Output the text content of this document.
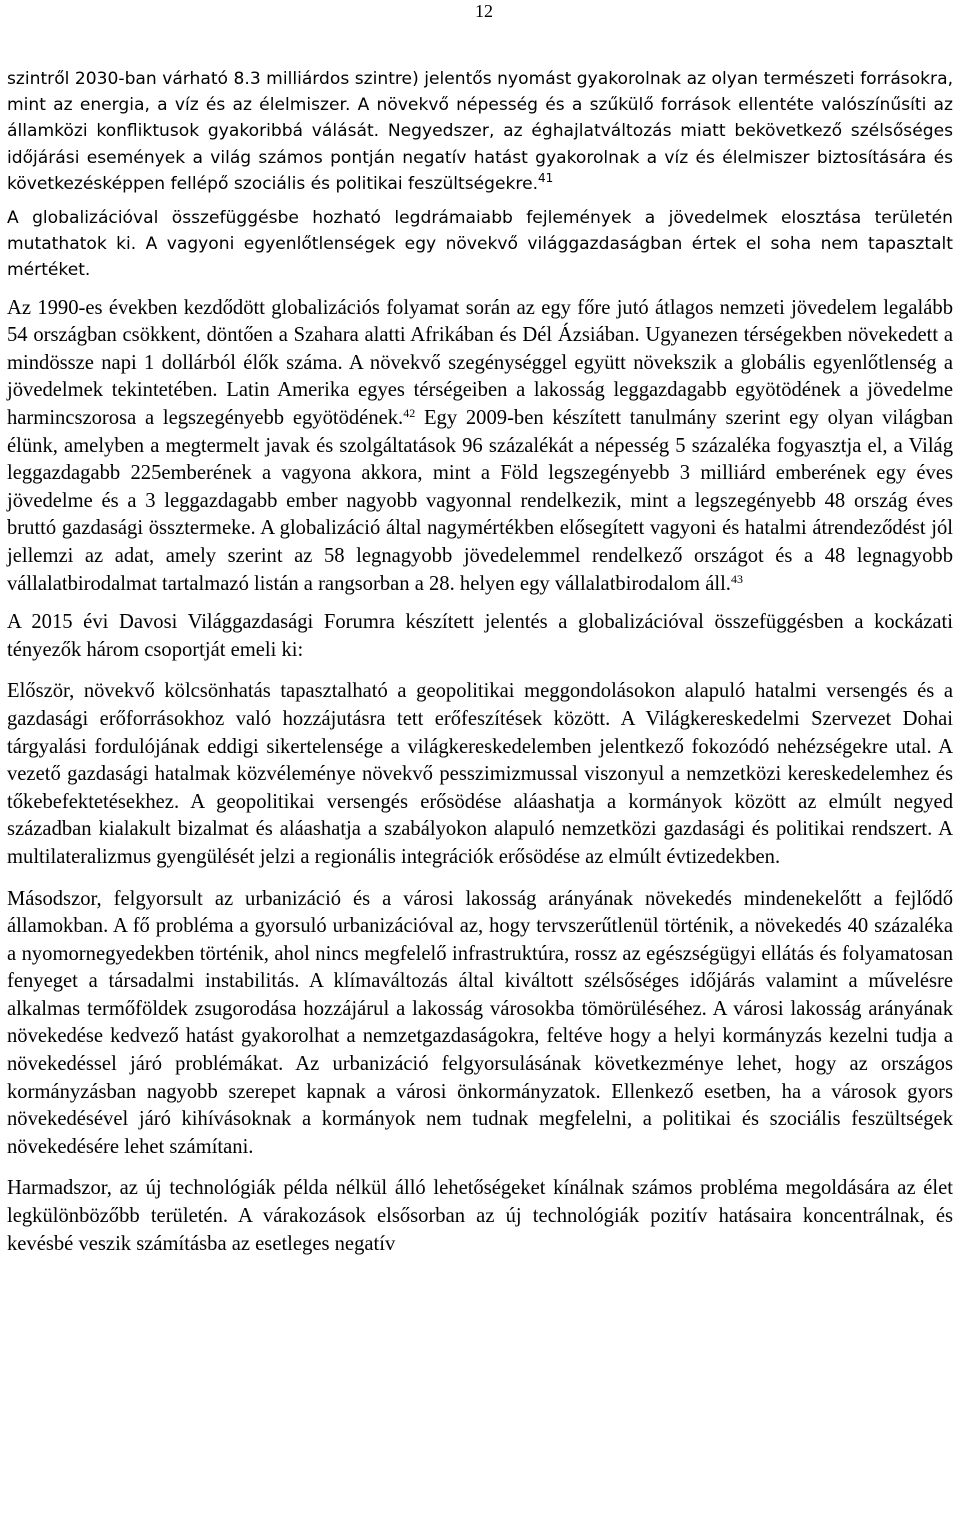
12

szintről 2030-ban várható 8.3 milliárdos szintre) jelentős nyomást gyakorolnak az olyan természeti forrásokra, mint az energia, a víz és az élelmiszer. A növekvő népesség és a szűkülő források ellentéte valószínűsíti az államközi konfliktusok gyakoribbá válását. Negyedszer, az éghajlatváltozás miatt bekövetkező szélsőséges időjárási események a világ számos pontján negatív hatást gyakorolnak a víz és élelmiszer biztosítására és következésképpen fellépő szociális és politikai feszültségekre.$^{41}$

A globalizációval összefüggésbe hozható legdrámaiabb fejlemények a jövedelmek elosztása területén mutathatok ki. A vagyoni egyenlőtlenségek egy növekvő világgazdaságban értek el soha nem tapasztalt mértéket.

Az 1990-es években kezdődött globalizációs folyamat során az egy főre jutó átlagos nemzeti jövedelem legalább 54 országban csökkent, döntően a Szahara alatti Afrikában és Dél Ázsiában. Ugyanezen térségekben növekedett a mindössze napi 1 dollárból élők száma. A növekvő szegénységgel együtt növekszik a globális egyenlőtlenség a jövedelmek tekintetében. Latin Amerika egyes térségeiben a lakosság leggazdagabb egyötödének a jövedelme harmincszorosa a legszegényebb egyötödének.$^{42}$ Egy 2009-ben készített tanulmány szerint egy olyan világban élünk, amelyben a megtermelt javak és szolgáltatások 96 százalékát a népesség 5 százaléka fogyasztja el, a Világ leggazdagabb 225emberének a vagyona akkora, mint a Föld legszegényebb 3 milliárd emberének egy éves jövedelme és a 3 leggazdagabb ember nagyobb vagyonnal rendelkezik, mint a legszegényebb 48 ország éves bruttó gazdasági össztermeke. A globalizáció által nagymértékben elősegített vagyoni és hatalmi átrendeződést jól jellemzi az adat, amely szerint az 58 legnagyobb jövedelemmel rendelkező országot és a 48 legnagyobb vállalatbirodalmat tartalmazó listán a rangsorban a 28. helyen egy vállalatbirodalom áll.$^{43}$

A 2015 évi Davosi Világgazdasági Forumra készített jelentés a globalizációval összefüggésben a kockázati tényezők három csoportját emeli ki:

Először, növekvő kölcsönhatás tapasztalható a geopolitikai meggondolásokon alapuló hatalmi versengés és a gazdasági erőforrásokhoz való hozzájutásra tett erőfeszítések között. A Világkereskedelmi Szervezet Dohai tárgyalási fordulójának eddigi sikertelensége a világkereskedelemben jelentkező fokozódó nehézségekre utal. A vezető gazdasági hatalmak közvéleménye növekvő pesszimizmussal viszonyul a nemzetközi kereskedelemhez és tőkebefektetésekhez. A geopolitikai versengés erősödése aláashatja a kormányok között az elmúlt negyed században kialakult bizalmat és aláashatja a szabályokon alapuló nemzetközi gazdasági és politikai rendszert. A multilateralizmus gyengülését jelzi a regionális integrációk erősödése az elmúlt évtizedekben.

Másodszor, felgyorsult az urbanizáció és a városi lakosság arányának növekedés mindenekelőtt a fejlődő államokban. A fő probléma a gyorsuló urbanizációval az, hogy tervszerűtlenül történik, a növekedés 40 százaléka a nyomornegyedekben történik, ahol nincs megfelelő infrastruktúra, rossz az egészségügyi ellátás és folyamatosan fenyeget a társadalmi instabilitás. A klímaváltozás által kiváltott szélsőséges időjárás valamint a művelésre alkalmas termőföldek zsugorodása hozzájárul a lakosság városokba tömörüléséhez. A városi lakosság arányának növekedése kedvező hatást gyakorolhat a nemzetgazdaságokra, feltéve hogy a helyi kormányzás kezelni tudja a növekedéssel járó problémákat. Az urbanizáció felgyorsulásának következménye lehet, hogy az országos kormányzásban nagyobb szerepet kapnak a városi önkormányzatok. Ellenkező esetben, ha a városok gyors növekedésével járó kihívásoknak a kormányok nem tudnak megfelelni, a politikai és szociális feszültségek növekedésére lehet számítani.

Harmadszor, az új technológiák példa nélkül álló lehetőségeket kínálnak számos probléma megoldására az élet legkülönbözőbb területén. A várakozások elsősorban az új technológiák pozitív hatásaira koncentrálnak, és kevésbé veszik számításba az esetleges negatív
